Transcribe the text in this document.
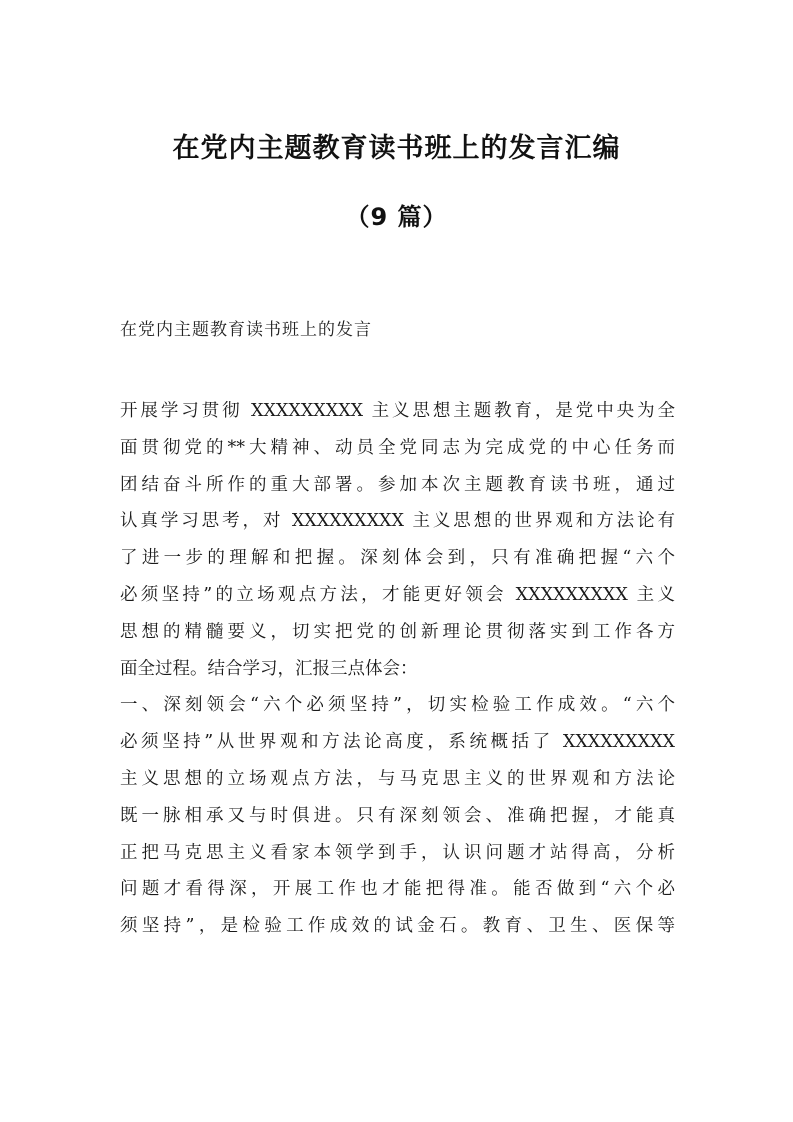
在党内主题教育读书班上的发言汇编
（9 篇）
在党内主题教育读书班上的发言
开展学习贯彻 XXXXXXXXX 主义思想主题教育，是党中央为全
面贯彻党的**大精神、动员全党同志为完成党的中心任务而
团结奋斗所作的重大部署。参加本次主题教育读书班，通过
认真学习思考，对 XXXXXXXXX 主义思想的世界观和方法论有
了进一步的理解和把握。深刻体会到，只有准确把握“六个
必须坚持”的立场观点方法，才能更好领会 XXXXXXXXX 主义
思想的精髓要义，切实把党的创新理论贯彻落实到工作各方
面全过程。结合学习，汇报三点体会：
一、深刻领会“六个必须坚持”，切实检验工作成效。“六个
必须坚持”从世界观和方法论高度，系统概括了 XXXXXXXXX
主义思想的立场观点方法，与马克思主义的世界观和方法论
既一脉相承又与时俱进。只有深刻领会、准确把握，才能真
正把马克思主义看家本领学到手，认识问题才站得高，分析
问题才看得深，开展工作也才能把得准。能否做到“六个必
须坚持”，是检验工作成效的试金石。教育、卫生、医保等
